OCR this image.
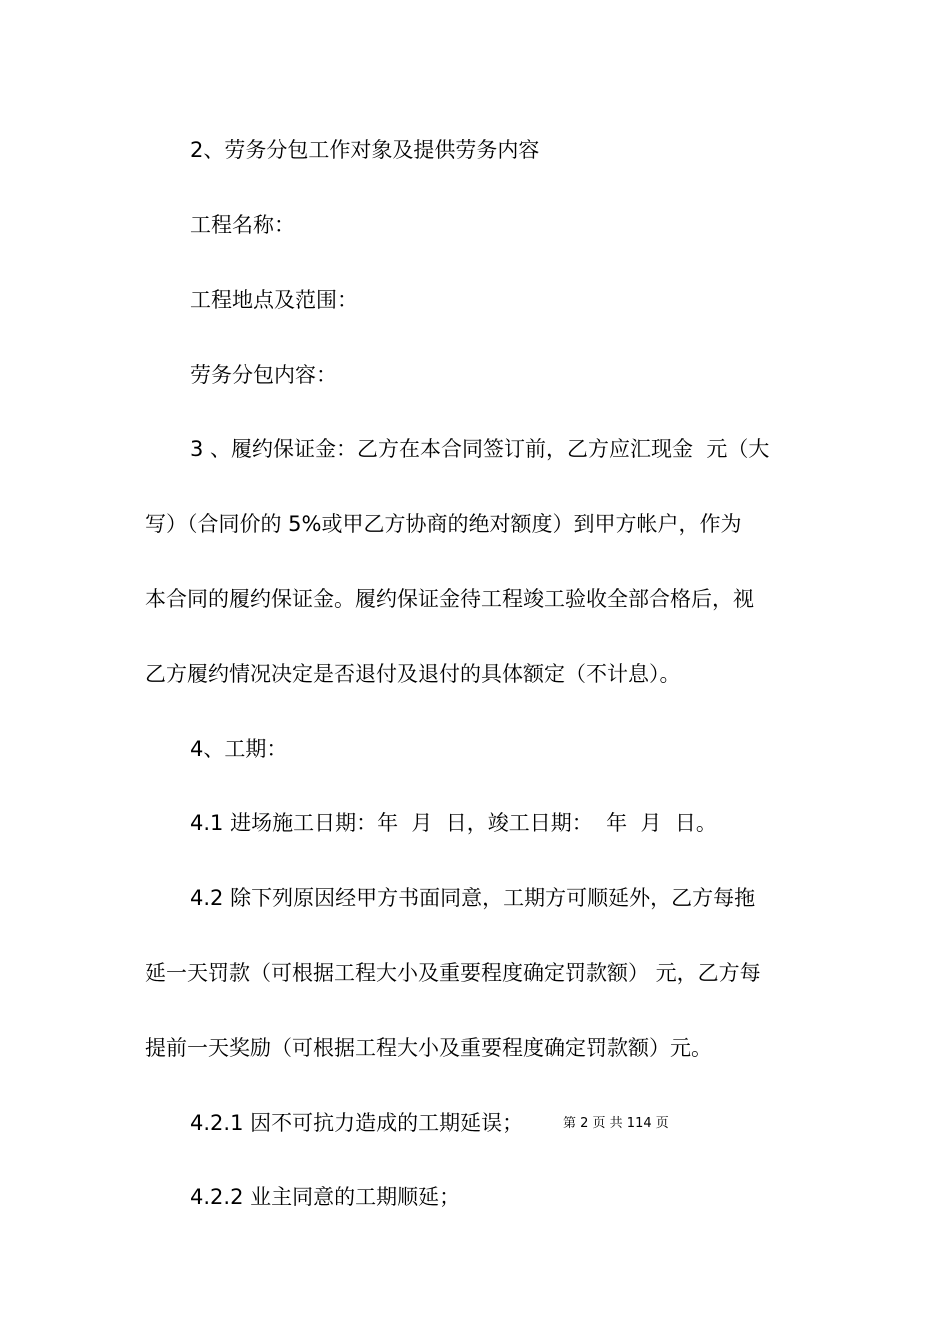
2、劳务分包工作对象及提供劳务内容

工程名称：

工程地点及范围：

劳务分包内容：

3 、履约保证金：乙方在本合同签订前，乙方应汇现金  元（大

写）（合同价的 5%或甲乙方协商的绝对额度）到甲方帐户，作为

本合同的履约保证金。履约保证金待工程竣工验收全部合格后，视

乙方履约情况决定是否退付及退付的具体额定（不计息）。

4、工期：

4.1 进场施工日期：年  月  日，竣工日期：  年  月  日。

4.2 除下列原因经甲方书面同意，工期方可顺延外，乙方每拖

延一天罚款（可根据工程大小及重要程度确定罚款额） 元，乙方每

提前一天奖励（可根据工程大小及重要程度确定罚款额）元。

4.2.1 因不可抗力造成的工期延误；

4.2.2 业主同意的工期顺延；

第 2 页 共 114 页
